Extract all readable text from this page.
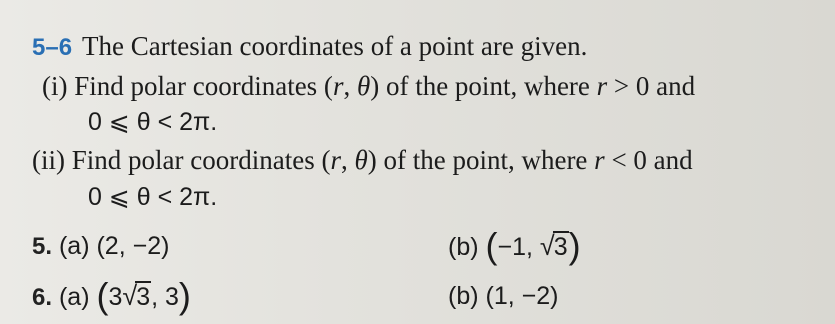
5–6 The Cartesian coordinates of a point are given.
(i) Find polar coordinates (r, θ) of the point, where r > 0 and
0 ⩽ θ < 2π.
(ii) Find polar coordinates (r, θ) of the point, where r < 0 and
0 ⩽ θ < 2π.
5. (a) (2, −2)	(b) (−1, √3)
6. (a) (3√3, 3)	(b) (1, −2)
